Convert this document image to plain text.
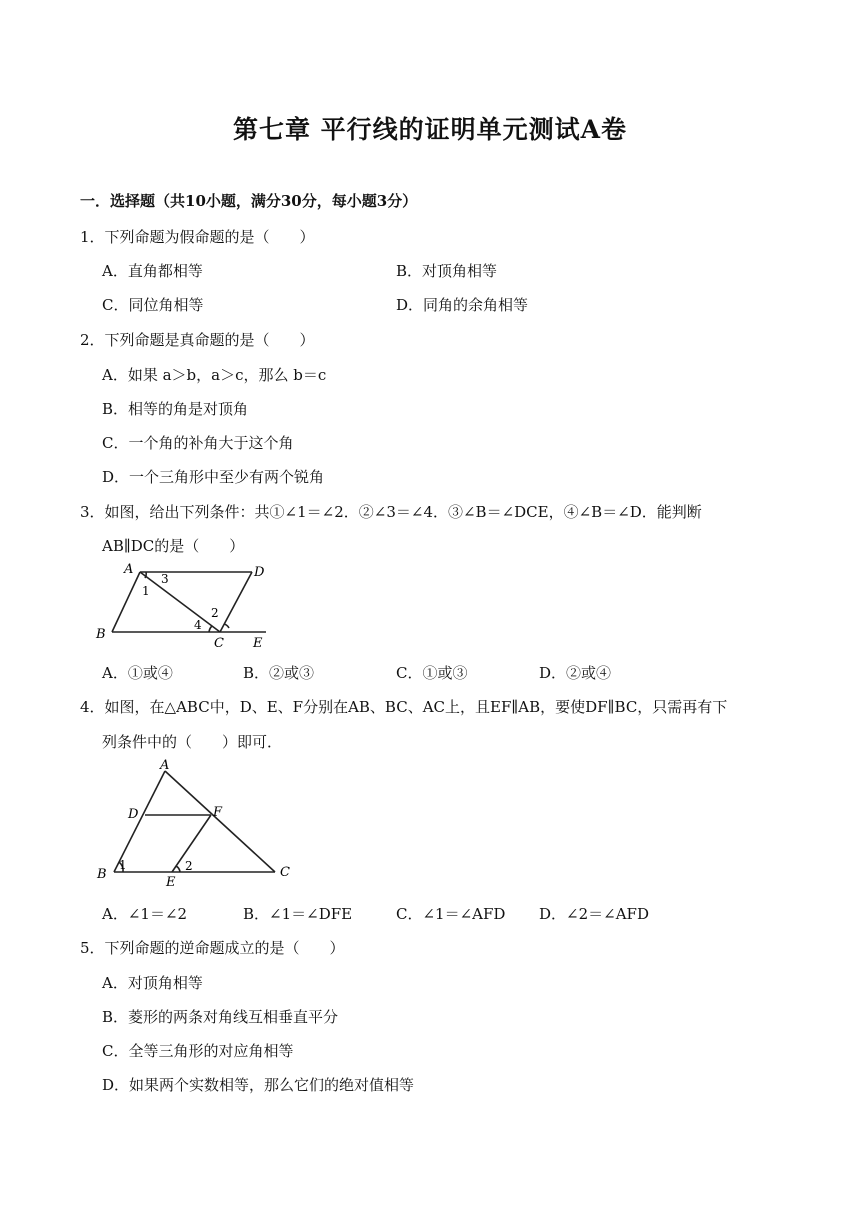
第七章 平行线的证明单元测试A卷
一．选择题（共10小题，满分30分，每小题3分）
1．下列命题为假命题的是（　　）
A．直角都相等	B．对顶角相等
C．同位角相等	D．同角的余角相等
2．下列命题是真命题的是（　　）
A．如果 a＞b，a＞c，那么 b＝c
B．相等的角是对顶角
C．一个角的补角大于这个角
D．一个三角形中至少有两个锐角
3．如图，给出下列条件：共①∠1＝∠2．②∠3＝∠4．③∠B＝∠DCE，④∠B＝∠D．能判断
AB∥DC的是（　　）
A	D
B
C E
3
1
2
4
A．①或④	B．②或③	C．①或③	D．②或④
4．如图，在△ABC中，D、E、F分别在AB、BC、AC上，且EF∥AB，要使DF∥BC，只需再有下
列条件中的（　　）即可．
A
D	F
B
E
C
1	2
A．∠1＝∠2	B．∠1＝∠DFE	C．∠1＝∠AFD D．∠2＝∠AFD
5．下列命题的逆命题成立的是（　　）
A．对顶角相等
B．菱形的两条对角线互相垂直平分
C．全等三角形的对应角相等
D．如果两个实数相等，那么它们的绝对值相等
